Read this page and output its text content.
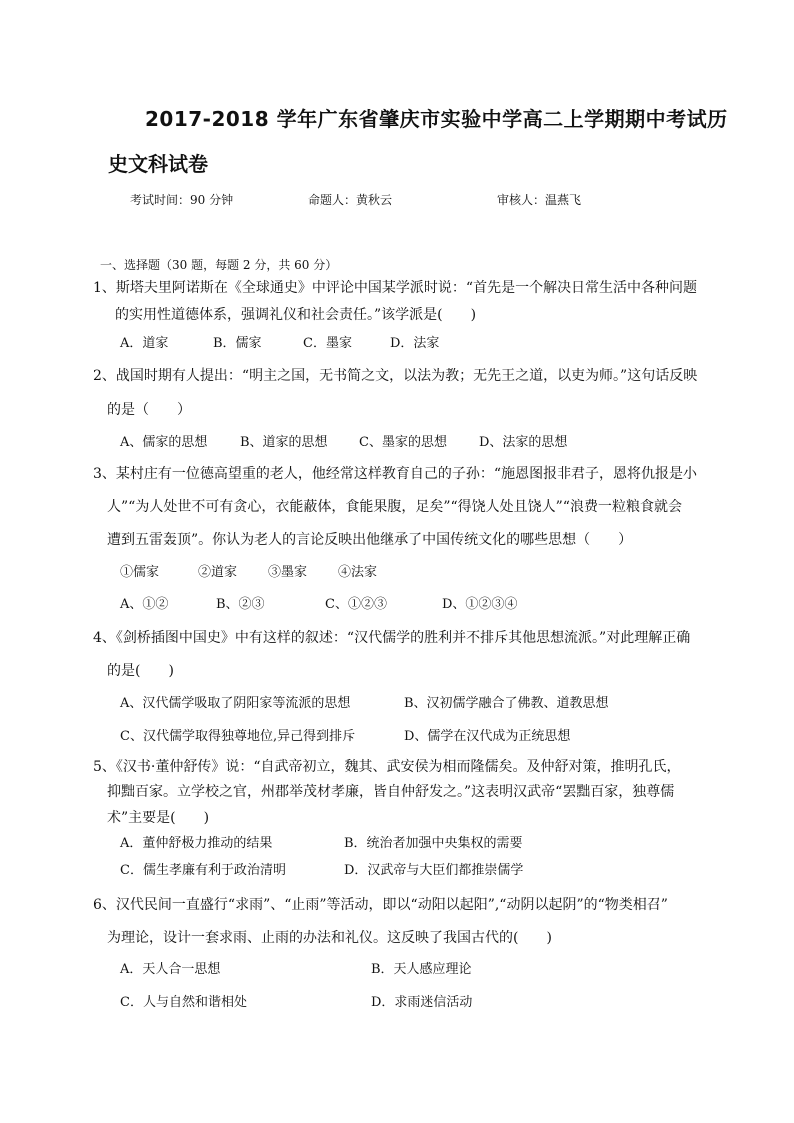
2017-2018 学年广东省肇庆市实验中学高二上学期期中考试历
史文科试卷
考试时间：90 分钟	命题人：黄秋云	审核人：温燕飞
一、选择题（30 题，每题 2 分，共 60 分）
1、斯塔夫里阿诺斯在《全球通史》中评论中国某学派时说：“首先是一个解决日常生活中各种问题
的实用性道德体系，强调礼仪和社会责任。”该学派是(　　)
A．道家	B．儒家	C．墨家	D．法家
2、战国时期有人提出：“明主之国，无书简之文，以法为教；无先王之道，以吏为师。”这句话反映
的是（　　）
A、儒家的思想	B、道家的思想 C、墨家的思想 D、法家的思想
3、某村庄有一位德高望重的老人，他经常这样教育自己的子孙：“施恩图报非君子，恩将仇报是小
人”“为人处世不可有贪心，衣能蔽体，食能果腹，足矣”“得饶人处且饶人”“浪费一粒粮食就会
遭到五雷轰顶”。你认为老人的言论反映出他继承了中国传统文化的哪些思想（　　）
①儒家	②道家 ③墨家 ④法家
A、①②	B、②③	C、①②③	D、①②③④
4、《剑桥插图中国史》中有这样的叙述：“汉代儒学的胜利并不排斥其他思想流派。”对此理解正确
的是(　　)
A、汉代儒学吸取了阴阳家等流派的思想	B、汉初儒学融合了佛教、道教思想
C、汉代儒学取得独尊地位,异己得到排斥	D、儒学在汉代成为正统思想
5、《汉书·董仲舒传》说：“自武帝初立，魏其、武安侯为相而隆儒矣。及仲舒对策，推明孔氏，
抑黜百家。立学校之官，州郡举茂材孝廉，皆自仲舒发之。”这表明汉武帝“罢黜百家，独尊儒
术”主要是(　　)
A．董仲舒极力推动的结果	B．统治者加强中央集权的需要
C．儒生孝廉有利于政治清明	D．汉武帝与大臣们都推崇儒学
6、汉代民间一直盛行“求雨”、“止雨”等活动，即以“动阳以起阳”,“动阴以起阴”的“物类相召”
为理论，设计一套求雨、止雨的办法和礼仪。这反映了我国古代的(　　)
A．天人合一思想	B．天人感应理论
C．人与自然和谐相处	D．求雨迷信活动
